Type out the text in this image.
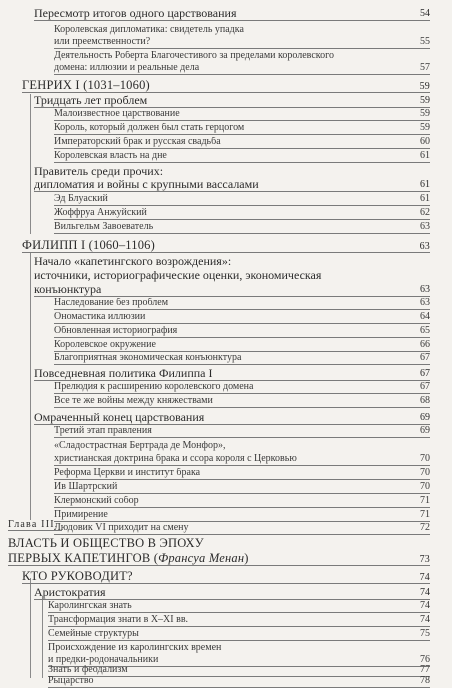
Пересмотр итогов одного царствования	54
Королевская дипломатика: свидетель упадка
или преемственности?	55
Деятельность Роберта Благочестивого за пределами королевского
домена: иллюзии и реальные дела	57
ГЕНРИХ I (1031–1060)	59
Тридцать лет проблем	59
Малоизвестное царствование	59
Король, который должен был стать герцогом	59
Императорский брак и русская свадьба	60
Королевская власть на дне	61
Правитель среди прочих:
дипломатия и войны с крупными вассалами	61
Эд Блуаский	61
Жоффруа Анжуйский	62
Вильгельм Завоеватель	63
ФИЛИПП I (1060–1106)	63
Начало «капетингского возрождения»:
источники, историографические оценки, экономическая
конъюнктура	63
Наследование без проблем	63
Ономастика иллюзии	64
Обновленная историография	65
Королевское окружение	66
Благоприятная экономическая конъюнктура	67
Повседневная политика Филиппа I	67
Прелюдия к расширению королевского домена	67
Все те же войны между княжествами	68
Омраченный конец царствования	69
Третий этап правления	69
«Сладострастная Бертрада де Монфор»,
христианская доктрина брака и ссора короля с Церковью	70
Реформа Церкви и институт брака	70
Ив Шартрский	70
Клермонский собор	71
Примирение	71
Людовик VI приходит на смену	72
Глава III.
ВЛАСТЬ И ОБЩЕСТВО В ЭПОХУ
ПЕРВЫХ КАПЕТИНГОВ (Франсуа Менан)	73
КТО РУКОВОДИТ?	74
Аристократия	74
Каролингская знать	74
Трансформация знати в X–XI вв.	74
Семейные структуры	75
Происхождение из каролингских времен
и предки-родоначальники	76
Знать и феодализм	77
Рыцарство	78
